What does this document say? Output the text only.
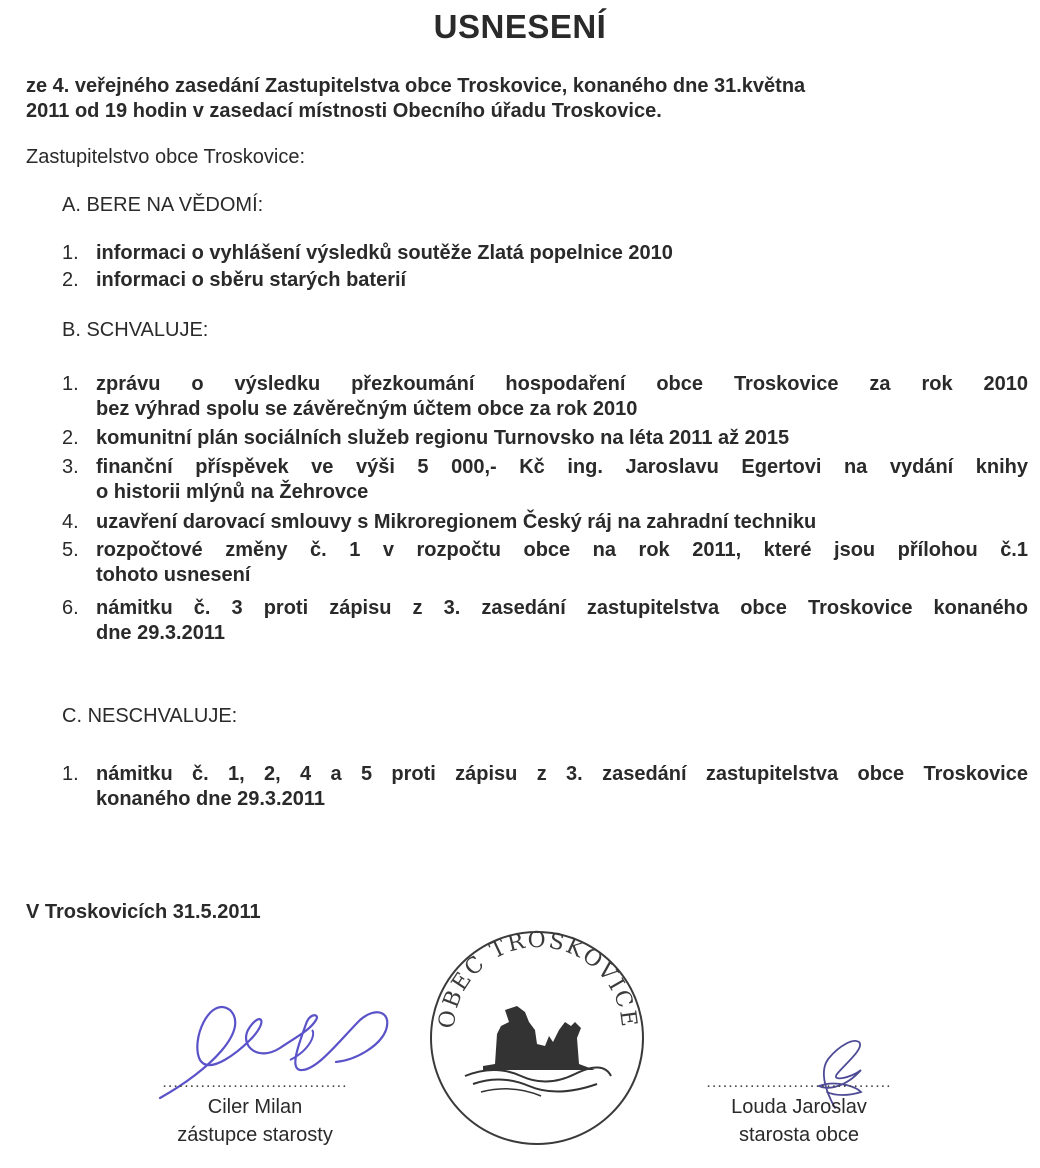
USNESENÍ
ze 4. veřejného zasedání Zastupitelstva obce Troskovice, konaného dne 31.května
2011 od 19 hodin v zasedací místnosti Obecního úřadu Troskovice.
Zastupitelstvo obce Troskovice:
A. BERE NA VĚDOMÍ:
1. informaci o vyhlášení výsledků soutěže Zlatá popelnice 2010
2. informaci o sběru starých baterií
B. SCHVALUJE:
1. zprávu o výsledku přezkoumání hospodaření obce Troskovice za rok 2010
bez výhrad spolu se závěrečným účtem obce za rok 2010
2. komunitní plán sociálních služeb regionu Turnovsko na léta 2011 až 2015
3. finanční příspěvek ve výši 5 000,- Kč ing. Jaroslavu Egertovi na vydání knihy
o historii mlýnů na Žehrovce
4. uzavření darovací smlouvy s Mikroregionem Český ráj na zahradní techniku
5. rozpočtové změny č. 1 v rozpočtu obce na rok 2011, které jsou přílohou č.1
tohoto usnesení
6. námitku č. 3 proti zápisu z 3. zasedání zastupitelstva obce Troskovice konaného
dne 29.3.2011
C. NESCHVALUJE:
1. námitku č. 1, 2, 4 a 5 proti zápisu z 3. zasedání zastupitelstva obce Troskovice
konaného dne 29.3.2011
V Troskovicích 31.5.2011
OBEC TROSKOVICE
..................................
Ciler Milan
zástupce starosty
..................................
Louda Jaroslav
starosta obce
